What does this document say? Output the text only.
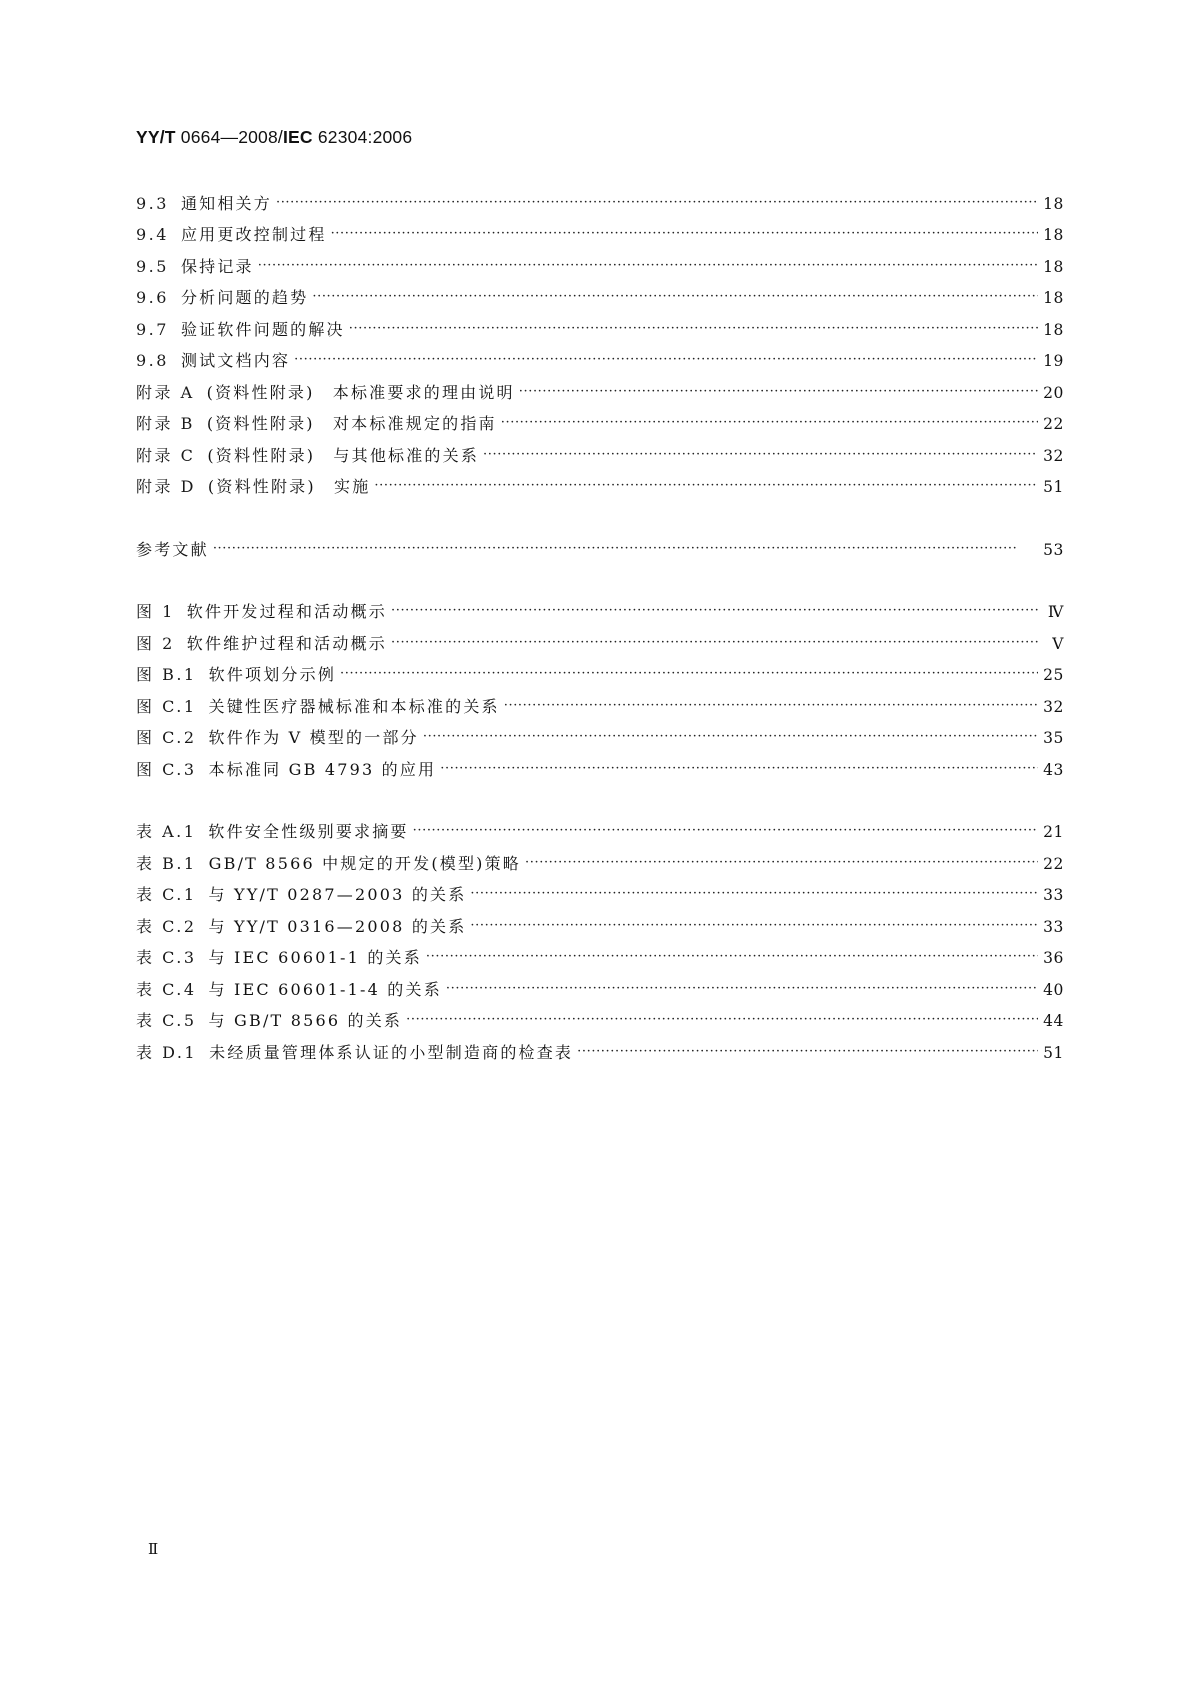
YY/T 0664—2008/IEC 62304:2006
9.3 通知相关方 ·····	18
9.4 应用更改控制过程 ·····	18
9.5 保持记录 ·····	18
9.6 分析问题的趋势 ·····	18
9.7 验证软件问题的解决 ·····	18
9.8 测试文档内容 ·····	19
附录 A (资料性附录)　本标准要求的理由说明 ·····	20
附录 B (资料性附录)　对本标准规定的指南 ·····	22
附录 C (资料性附录)　与其他标准的关系 ·····	32
附录 D (资料性附录)　实施 ·····	51
参考文献 ·····	53
图 1 软件开发过程和活动概示 ·····	Ⅳ
图 2 软件维护过程和活动概示 ·····	Ⅴ
图 B.1 软件项划分示例 ·····	25
图 C.1 关键性医疗器械标准和本标准的关系 ·····	32
图 C.2 软件作为 V 模型的一部分 ·····	35
图 C.3 本标准同 GB 4793 的应用 ·····	43
表 A.1 软件安全性级别要求摘要 ·····	21
表 B.1 GB/T 8566 中规定的开发(模型)策略 ·····	22
表 C.1 与 YY/T 0287—2003 的关系 ·····	33
表 C.2 与 YY/T 0316—2008 的关系 ·····	33
表 C.3 与 IEC 60601-1 的关系 ·····	36
表 C.4 与 IEC 60601-1-4 的关系 ·····	40
表 C.5 与 GB/T 8566 的关系 ·····	44
表 D.1 未经质量管理体系认证的小型制造商的检查表 ·····	51
Ⅱ
